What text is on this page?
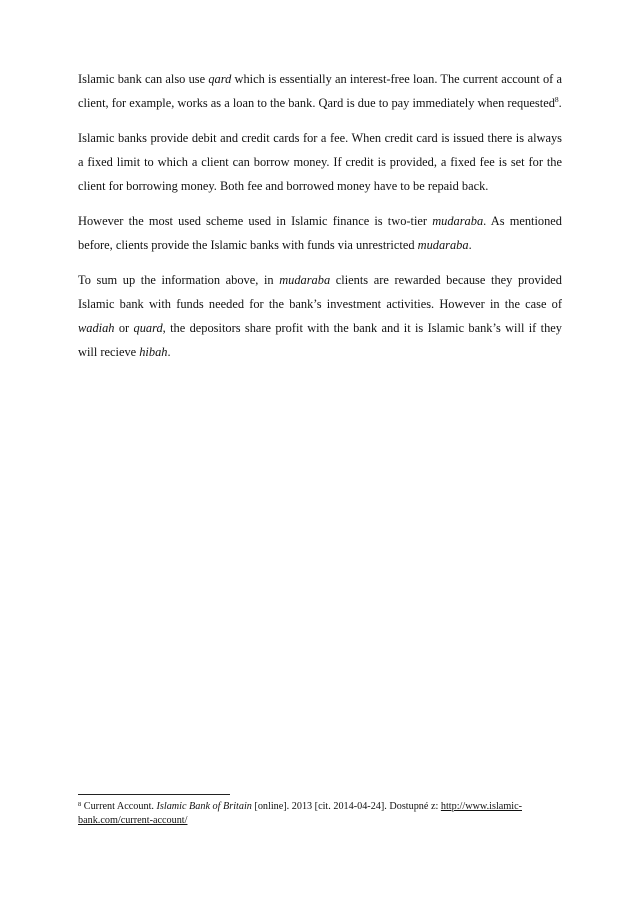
Islamic bank can also use qard which is essentially an interest-free loan. The current account of a client, for example, works as a loan to the bank. Qard is due to pay immediately when requested$^8$.

Islamic banks provide debit and credit cards for a fee. When credit card is issued there is always a fixed limit to which a client can borrow money. If credit is provided, a fixed fee is set for the client for borrowing money. Both fee and borrowed money have to be repaid back.

However the most used scheme used in Islamic finance is two-tier mudaraba. As mentioned before, clients provide the Islamic banks with funds via unrestricted mudaraba.

To sum up the information above, in mudaraba clients are rewarded because they provided Islamic bank with funds needed for the bank’s investment activities. However in the case of wadiah or quard, the depositors share profit with the bank and it is Islamic bank’s will if they will recieve hibah.

$^8$ Current Account. Islamic Bank of Britain [online]. 2013 [cit. 2014-04-24]. Dostupné z: http://www.islamic-bank.com/current-account/
